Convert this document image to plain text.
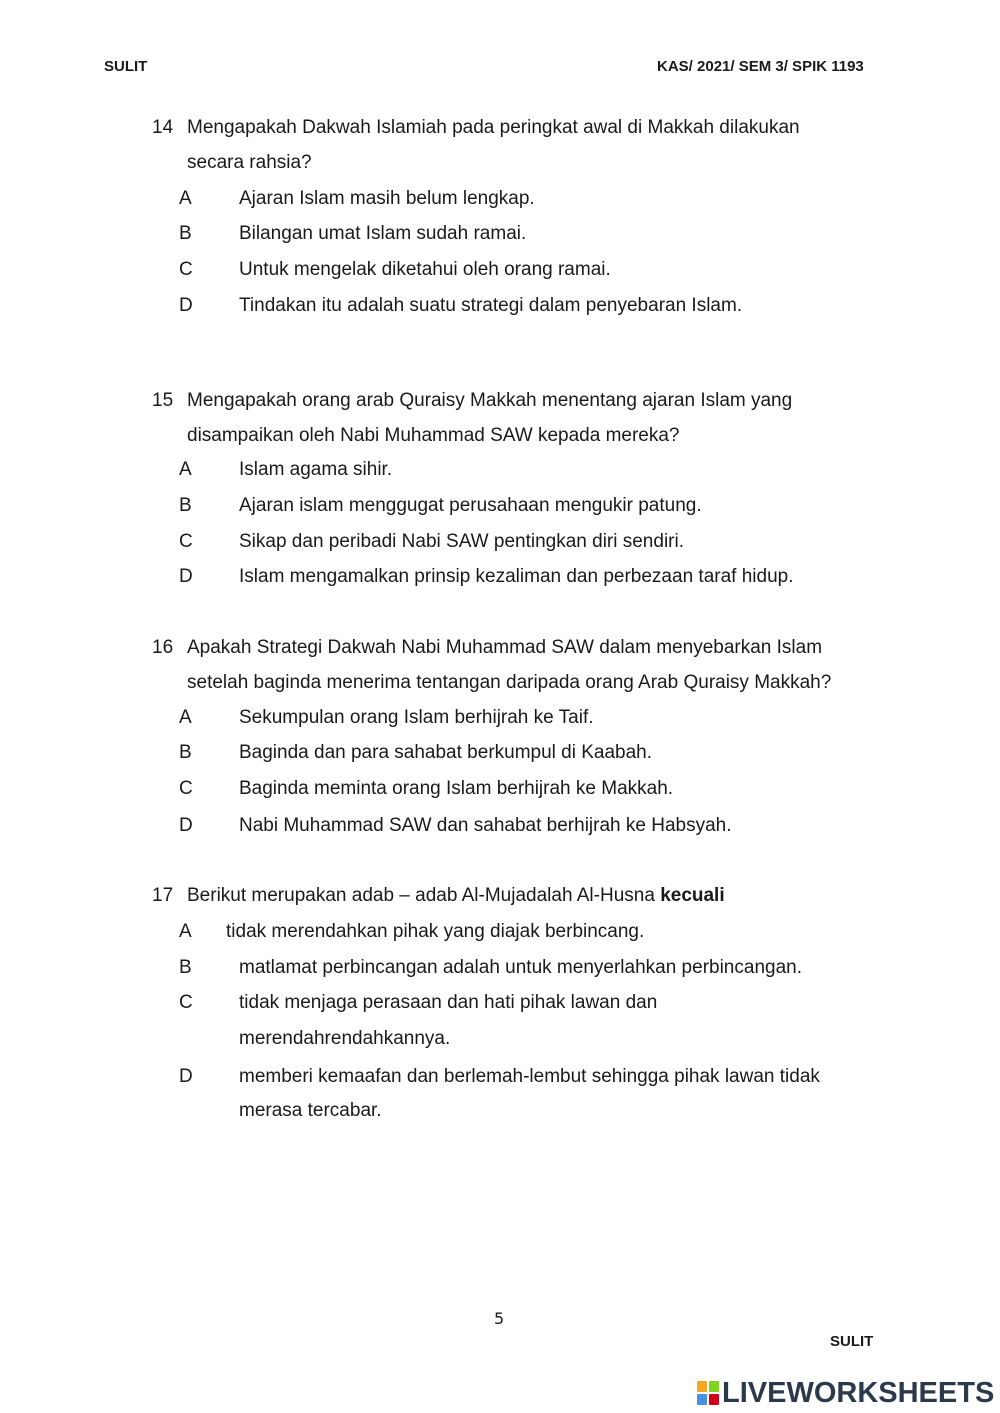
SULIT	KAS/ 2021/ SEM 3/ SPIK 1193
14 Mengapakah Dakwah Islamiah pada peringkat awal di Makkah dilakukan
secara rahsia?
A Ajaran Islam masih belum lengkap.
B Bilangan umat Islam sudah ramai.
C Untuk mengelak diketahui oleh orang ramai.
D Tindakan itu adalah suatu strategi dalam penyebaran Islam.
15 Mengapakah orang arab Quraisy Makkah menentang ajaran Islam yang
disampaikan oleh Nabi Muhammad SAW kepada mereka?
A Islam agama sihir.
B Ajaran islam menggugat perusahaan mengukir patung.
C Sikap dan peribadi Nabi SAW pentingkan diri sendiri.
D Islam mengamalkan prinsip kezaliman dan perbezaan taraf hidup.
16 Apakah Strategi Dakwah Nabi Muhammad SAW dalam menyebarkan Islam
setelah baginda menerima tentangan daripada orang Arab Quraisy Makkah?
A Sekumpulan orang Islam berhijrah ke Taif.
B Baginda dan para sahabat berkumpul di Kaabah.
C Baginda meminta orang Islam berhijrah ke Makkah.
D Nabi Muhammad SAW dan sahabat berhijrah ke Habsyah.
17 Berikut merupakan adab – adab Al-Mujadalah Al-Husna kecuali
A tidak merendahkan pihak yang diajak berbincang.
B matlamat perbincangan adalah untuk menyerlahkan perbincangan.
C tidak menjaga perasaan dan hati pihak lawan dan
merendahrendahkannya.
D memberi kemaafan dan berlemah-lembut sehingga pihak lawan tidak
merasa tercabar.
5
SULIT
LIVEWORKSHEETS
